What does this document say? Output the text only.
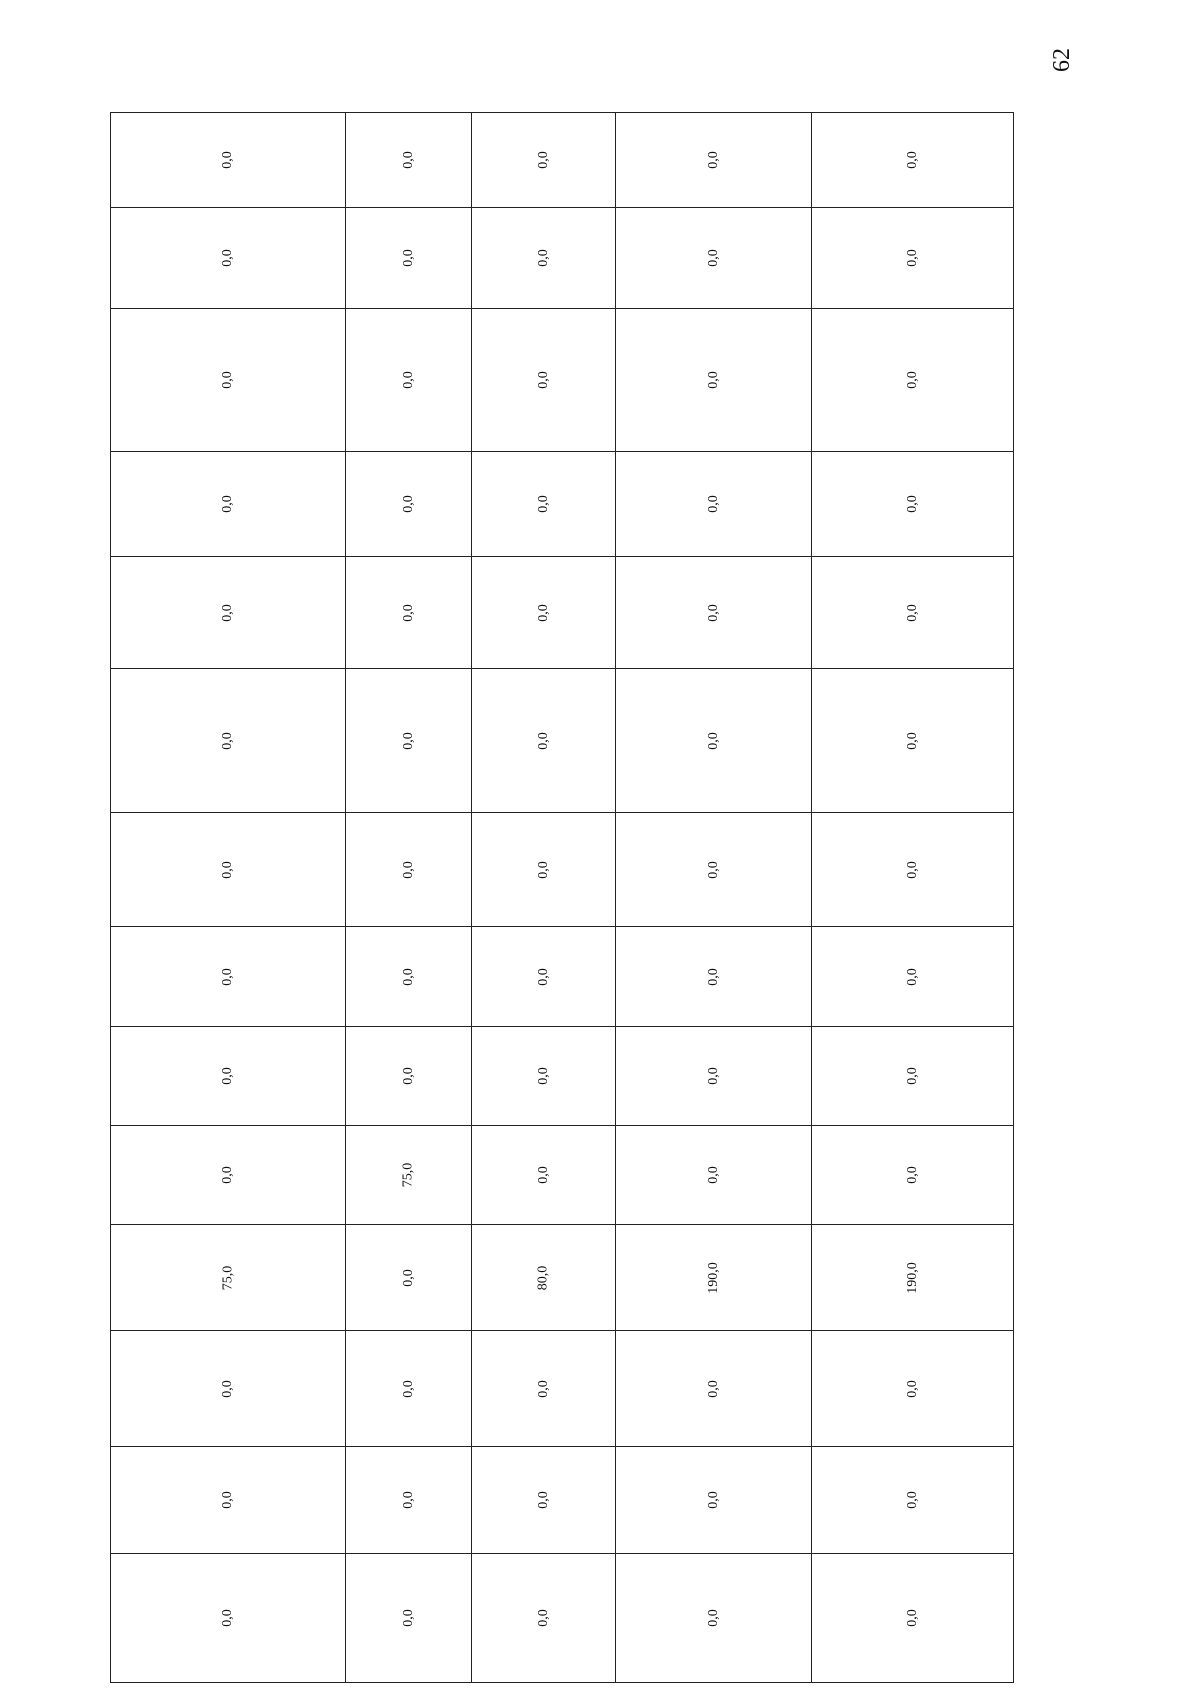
62
0,0	0,0	0,0	0,0	0,0
0,0	0,0	0,0	0,0	0,0
0,0	0,0	0,0	0,0	0,0
0,0	0,0	0,0	0,0	0,0
0,0	0,0	0,0	0,0	0,0
0,0	0,0	0,0	0,0	0,0
0,0	0,0	0,0	0,0	0,0
0,0	0,0	0,0	0,0	0,0
0,0	0,0	0,0	0,0	0,0
0,0	75,0	0,0	0,0	0,0
75,0	0,0	80,0	190,0	190,0
0,0	0,0	0,0	0,0	0,0
0,0	0,0	0,0	0,0	0,0
0,0	0,0	0,0	0,0	0,0
